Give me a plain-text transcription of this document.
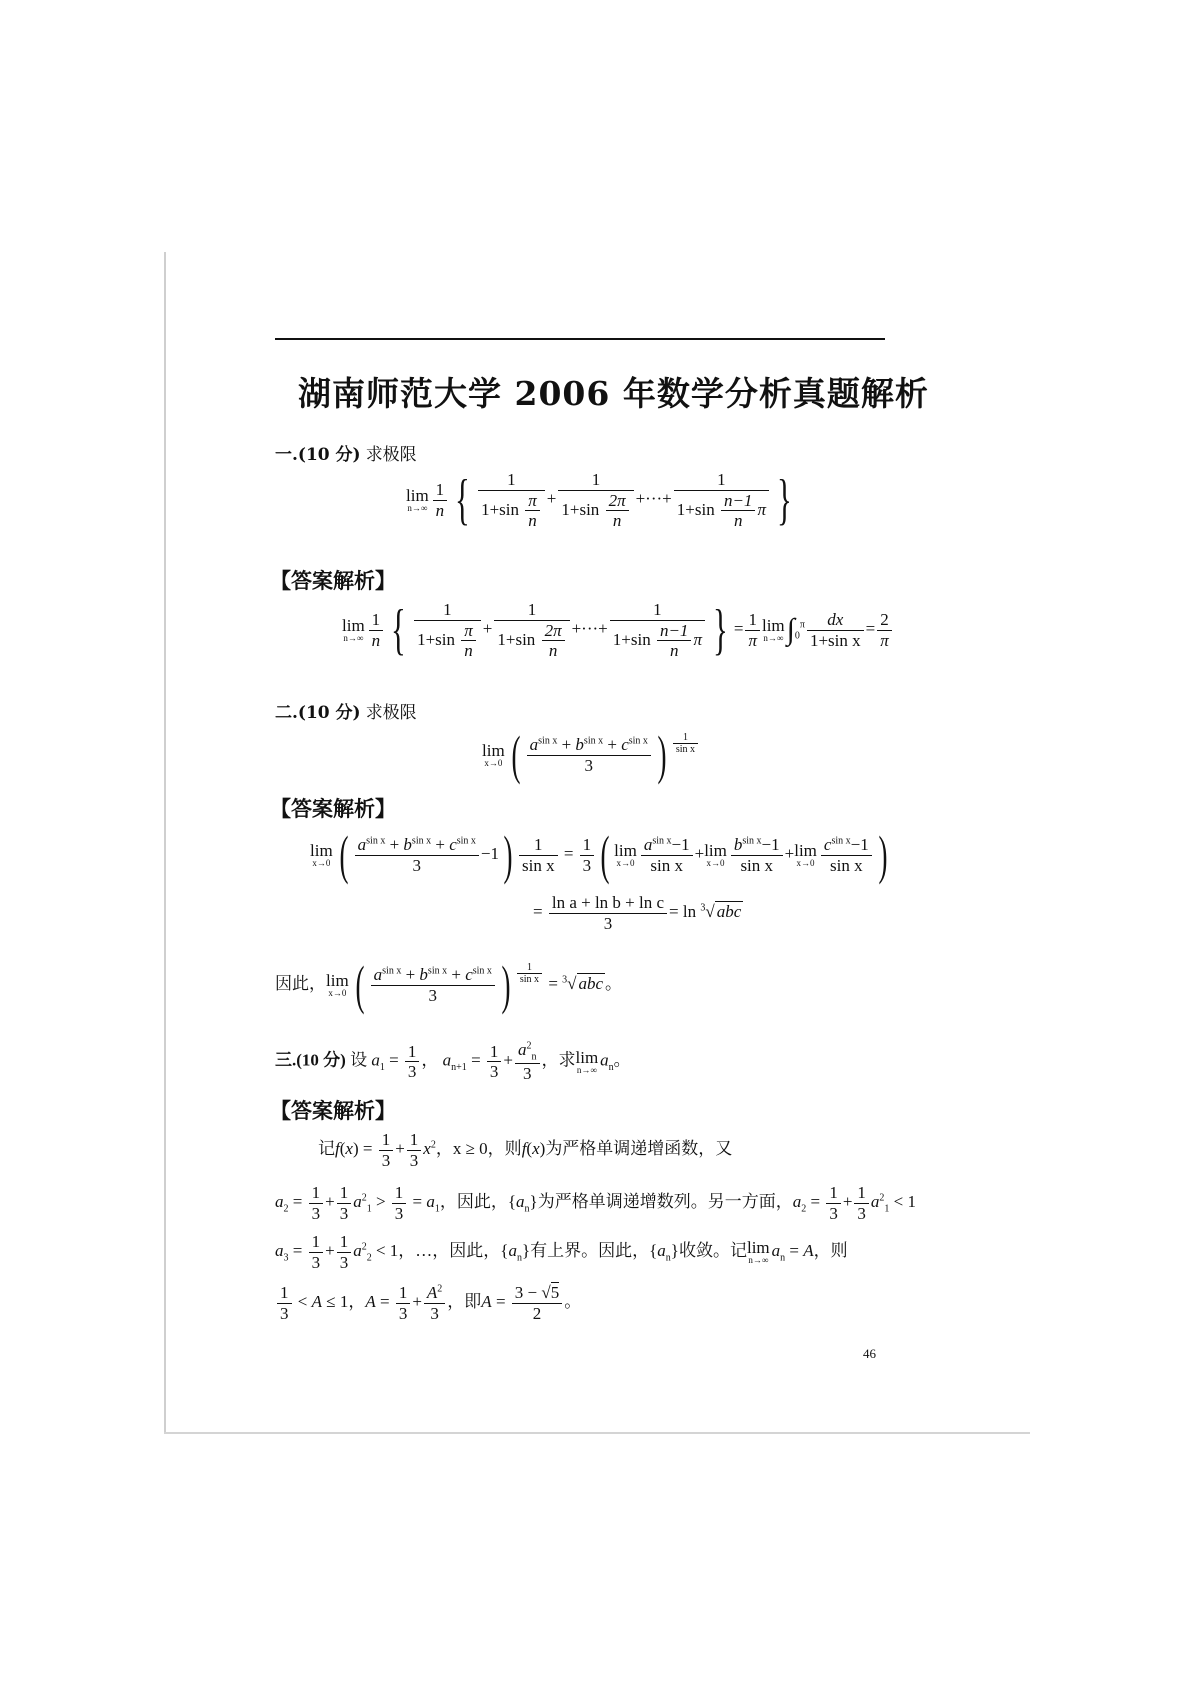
湖南师范大学 2006 年数学分析真题解析
一.(10 分) 求极限
lim
$n\to\infty \frac{1}{n}$ { $\frac{1}{1+\sin \frac{\pi}{n}} + \frac{1}{1+\sin \frac{2\pi}{n}}$ +···+ $\frac{1}{1+\sin \frac{n-1}{n} \pi}$ }
【答案解析】
lim
$n\to\infty \frac{1}{n}$ { $\frac{1}{1+\sin \frac{\pi}{n}} + \frac{1}{1+\sin \frac{2\pi}{n}}$ +···+ $\frac{1}{1+\sin \frac{n-1}{n} \pi}$ } = $\frac{1}{\pi}$ lim
n→∞ $\int_0^\pi \frac{dx}{\text{1+sin x}} = \frac{2}{\pi}$
二.(10 分) 求极限
lim
x→0 ( $\frac{a^{sin x} + b^{sin x} + c^{sin x}}{3}$ ) $\frac{1}{\text{sin x}}$
【答案解析】
lim
x→0 ( $\frac{a^{sin x} + b^{sin x} + c^{sin x}}{3} -1) \frac{1}{\text{sin x}} = \frac{1}{3}$ ( lim
$x\to 0 \frac{a^{sin x}-1}{\text{sin x}} + \lim$
$x\to 0 \frac{b^{sin x}-1}{\text{sin x}} + \lim$
$x\to 0 \frac{c^{sin x}-1}{\text{sin x}}$ )
= $\frac{\text{ln a + ln b + ln c}}{3} = \ln ^3√$ abc
因此， lim
x→0 ( $\frac{a^{sin x} + b^{sin x} + c^{sin x}}{3}$ ) $\frac{1}{\text{sin x}} = ^3√$ abc 。
三.(10 分) 设 $a_1 = \frac{1}{3}$ ， $a_{n+1} = \frac{1}{3} + \frac{a^2_n}{3}$ ，求 lim
n→∞
$a_n$。
【答案解析】
记$f(x) = \frac{1}{3} + \frac{1}{3} x^2$，x ≥ 0，则f(x)为严格单调递增函数，又
$a_2 = \frac{1}{3} + \frac{1}{3} a^2_1 > \frac{1}{3} = a_1$，因此，$\{a_n\}$为严格单调递增数列。另一方面，$a_2 = \frac{1}{3} + \frac{1}{3} a^2_1 < 1$
$a_3 = \frac{1}{3} + \frac{1}{3} a^2_2 < 1$，…，因此，$\{a_n\}$有上界。因此，$\{a_n\}$收敛。记 lim
n→∞
$a_n = A$，则
$\frac{1}{3} < A \le 1$，$A = \frac{1}{3} + \frac{A^2}{3}$ ，即$A = \frac{3 - √5}{2}$ 。
46
